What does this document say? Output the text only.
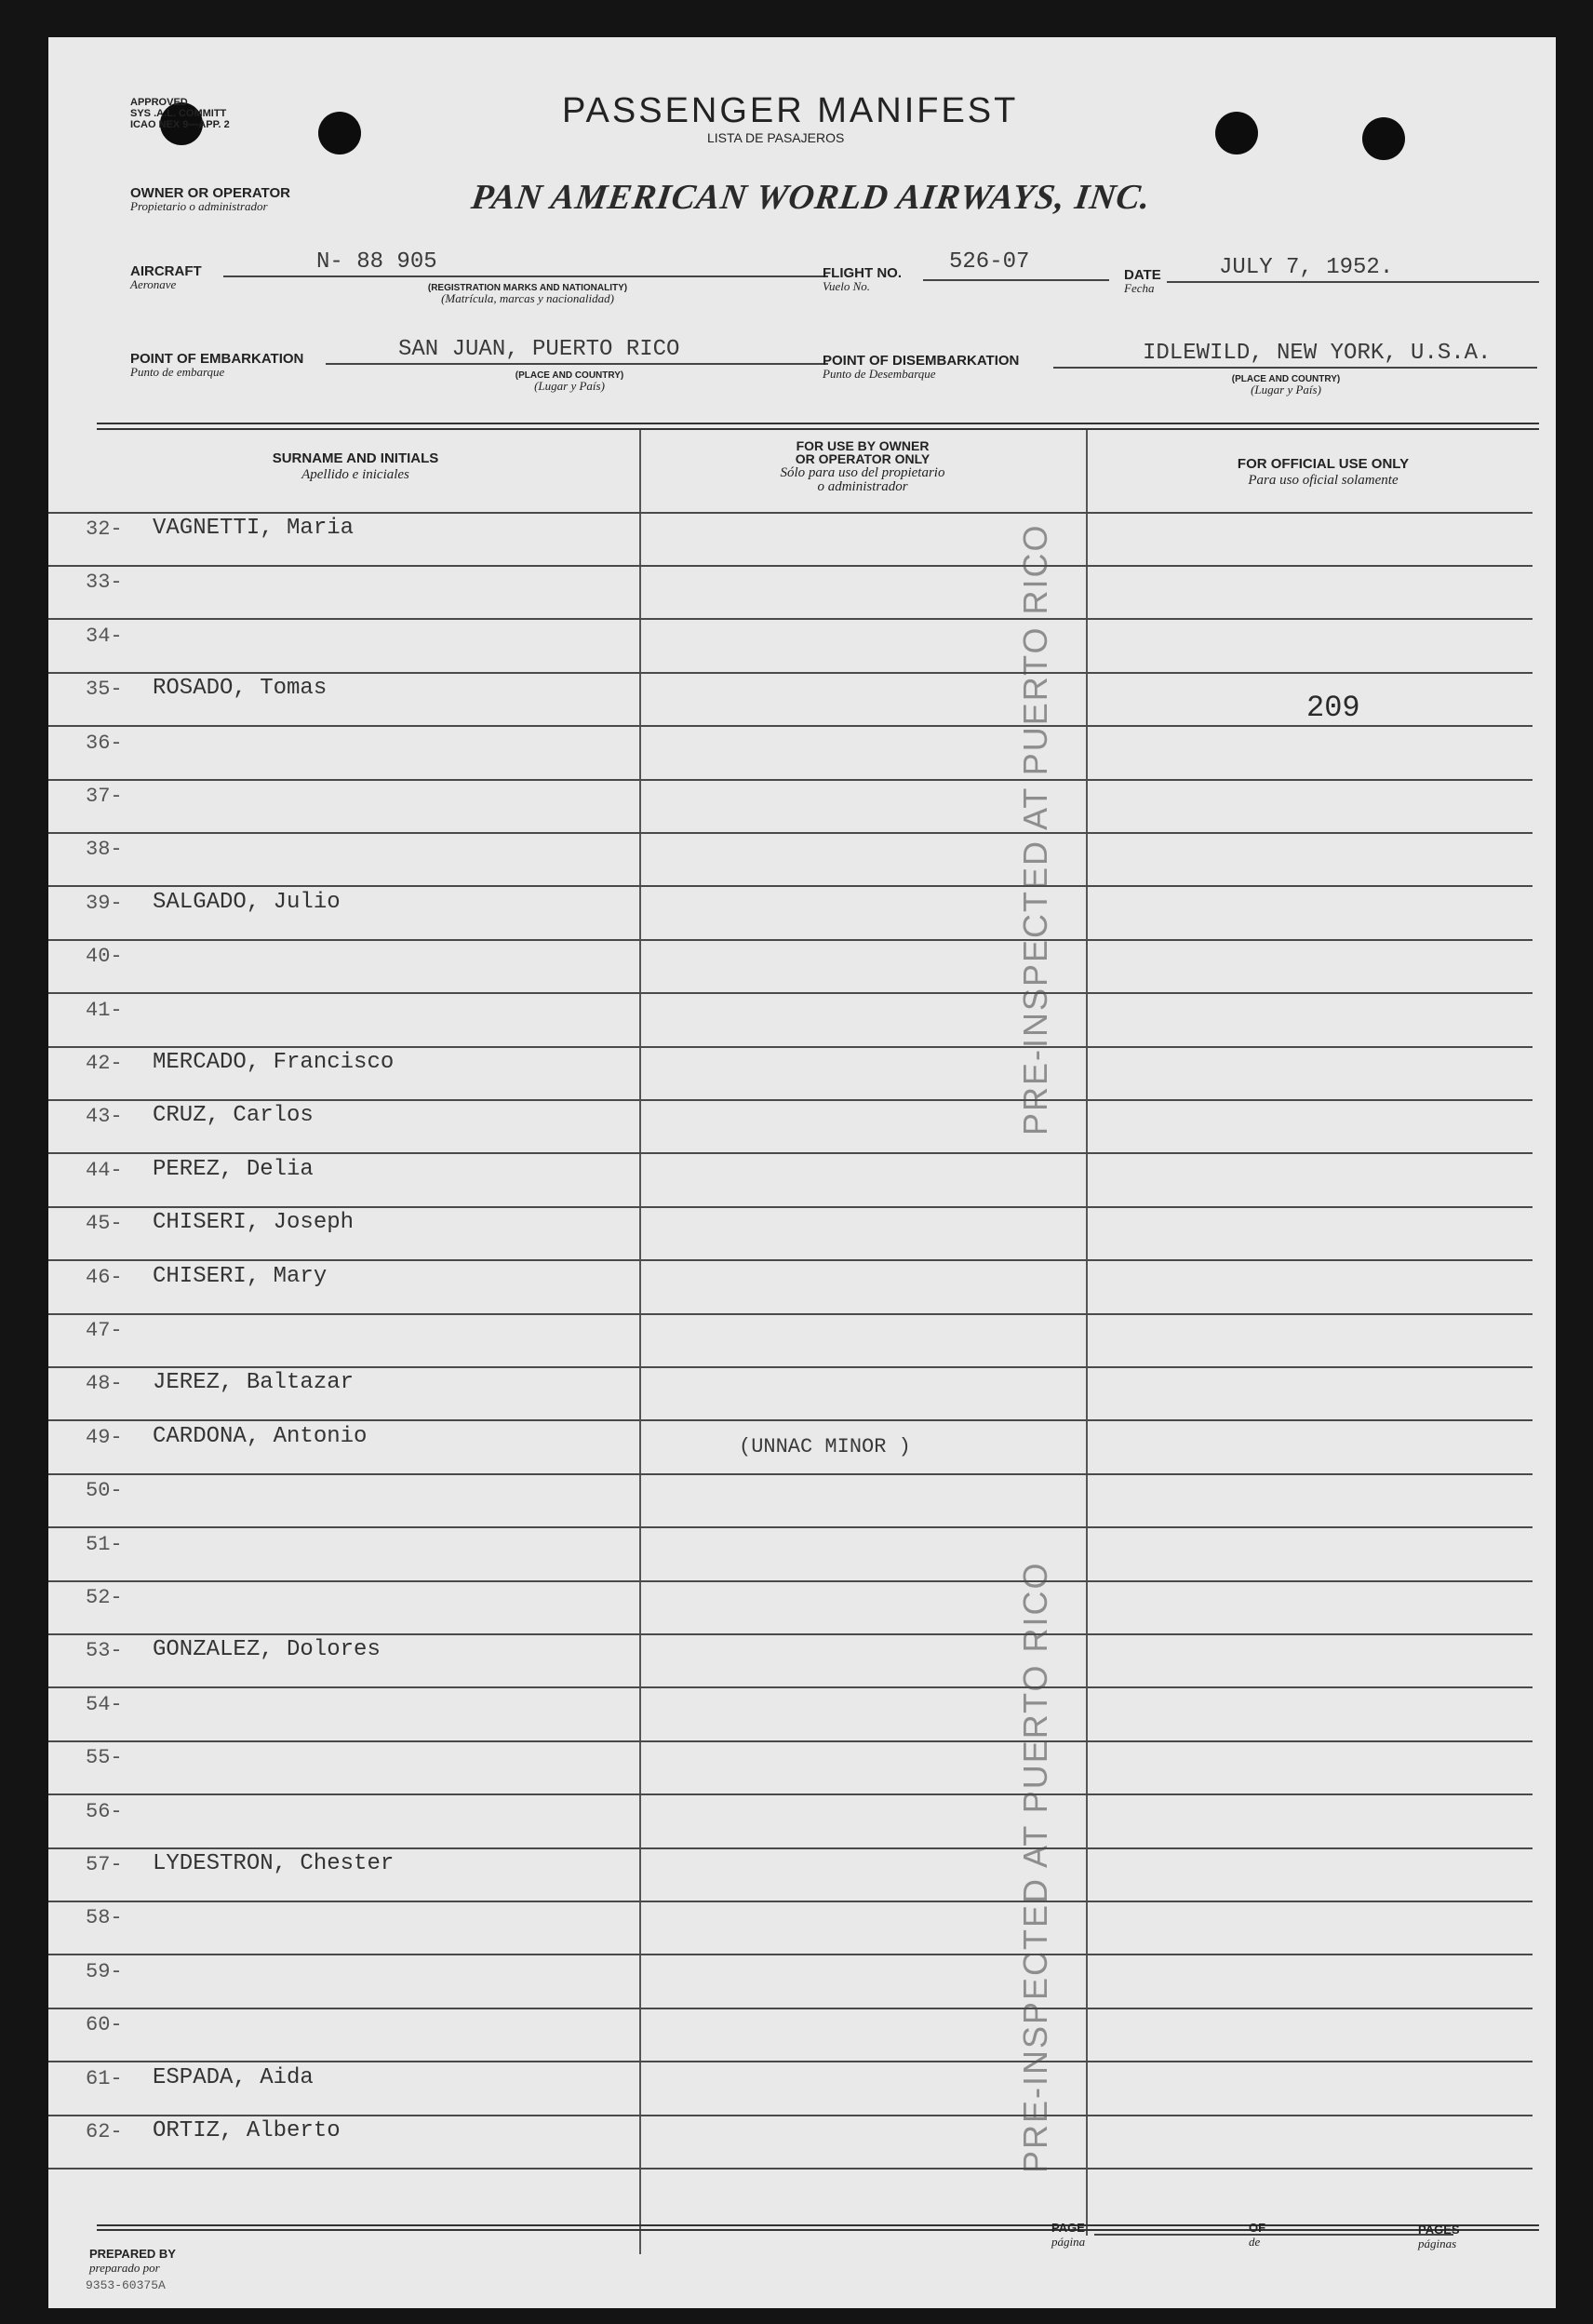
APPROVED
SYS .A.L. COMMITT
ICAO NEX 9—APP. 2	PASSENGER MANIFEST
LISTA DE PASAJEROS
OWNER OR OPERATOR
Propietario o administrador	PAN AMERICAN WORLD AIRWAYS, INC.
AIRCRAFT
Aeronave
N- 88 905
(REGISTRATION MARKS AND NATIONALITY)
(Matrícula, marcas y nacionalidad)
FLIGHT NO.
Vuelo No.
526-07
DATE
Fecha
JULY 7, 1952.
POINT OF EMBARKATION
Punto de embarque
SAN JUAN, PUERTO RICO
(PLACE AND COUNTRY)
(Lugar y País)
POINT OF DISEMBARKATION
Punto de Desembarque
IDLEWILD, NEW YORK, U.S.A.
(PLACE AND COUNTRY)
(Lugar y País)
SURNAME AND INITIALS
Apellido e iniciales
FOR USE BY OWNER
OR OPERATOR ONLY
Sólo para uso del propietario
o administrador
FOR OFFICIAL USE ONLY
Para uso oficial solamente
209
(UNNAC MINOR )
PRE-INSPECTED AT PUERTO RICO
PRE-INSPECTED AT PUERTO RICO
PREPARED BY
preparado por
9353-60375A
PAGE
página
OF
de
PAGES
páginas
32- VAGNETTI, Maria
33-
34-
35- ROSADO, Tomas
36-
37-
38-
39- SALGADO, Julio
40-
41-
42- MERCADO, Francisco
43- CRUZ, Carlos
44- PEREZ, Delia
45- CHISERI, Joseph
46- CHISERI, Mary
47-
48- JEREZ, Baltazar
49- CARDONA, Antonio
50-
51-
52-
53- GONZALEZ, Dolores
54-
55-
56-
57- LYDESTRON, Chester
58-
59-
60-
61- ESPADA, Aida
62- ORTIZ, Alberto
